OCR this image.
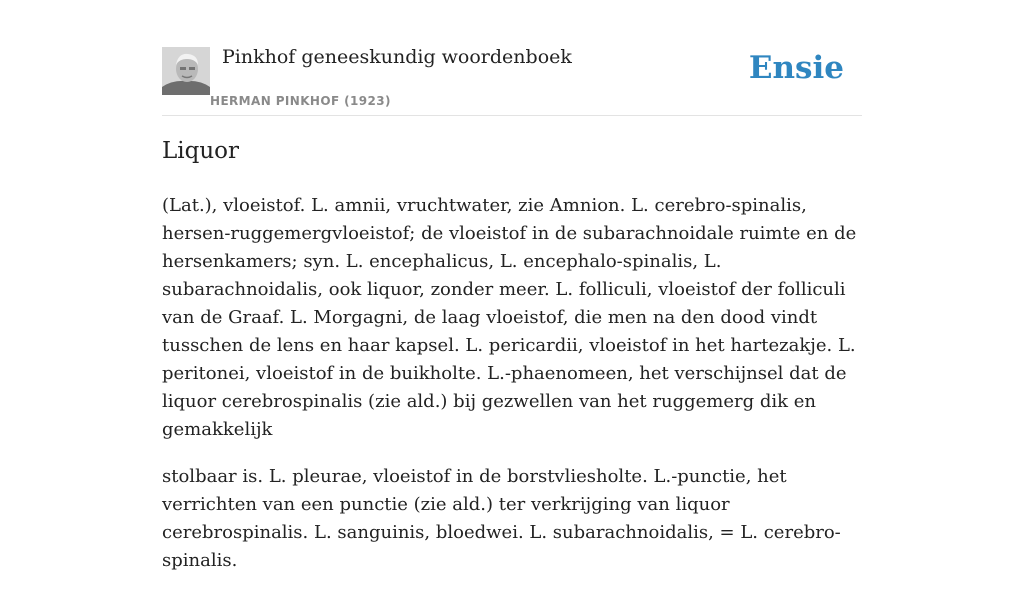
Pinkhof geneeskundig woordenboek
HERMAN PINKHOF (1923)
Ensie
Liquor

(Lat.), vloeistof. L. amnii, vruchtwater, zie Amnion. L. cerebro-spinalis, hersen-ruggemergvloeistof; de vloeistof in de subarachnoidale ruimte en de hersenkamers; syn. L. encephalicus, L. encephalo-spinalis, L. subarachnoidalis, ook liquor, zonder meer. L. folliculi, vloeistof der folliculi van de Graaf. L. Morgagni, de laag vloeistof, die men na den dood vindt tusschen de lens en haar kapsel. L. pericardii, vloeistof in het hartezakje. L. peritonei, vloeistof in de buikholte. L.-phaenomeen, het verschijnsel dat de liquor cerebrospinalis (zie ald.) bij gezwellen van het ruggemerg dik en gemakkelijk

stolbaar is. L. pleurae, vloeistof in de borstvliesholte. L.-punctie, het verrichten van een punctie (zie ald.) ter verkrijging van liquor cerebrospinalis. L. sanguinis, bloedwei. L. subarachnoidalis, = L. cerebro-spinalis.
